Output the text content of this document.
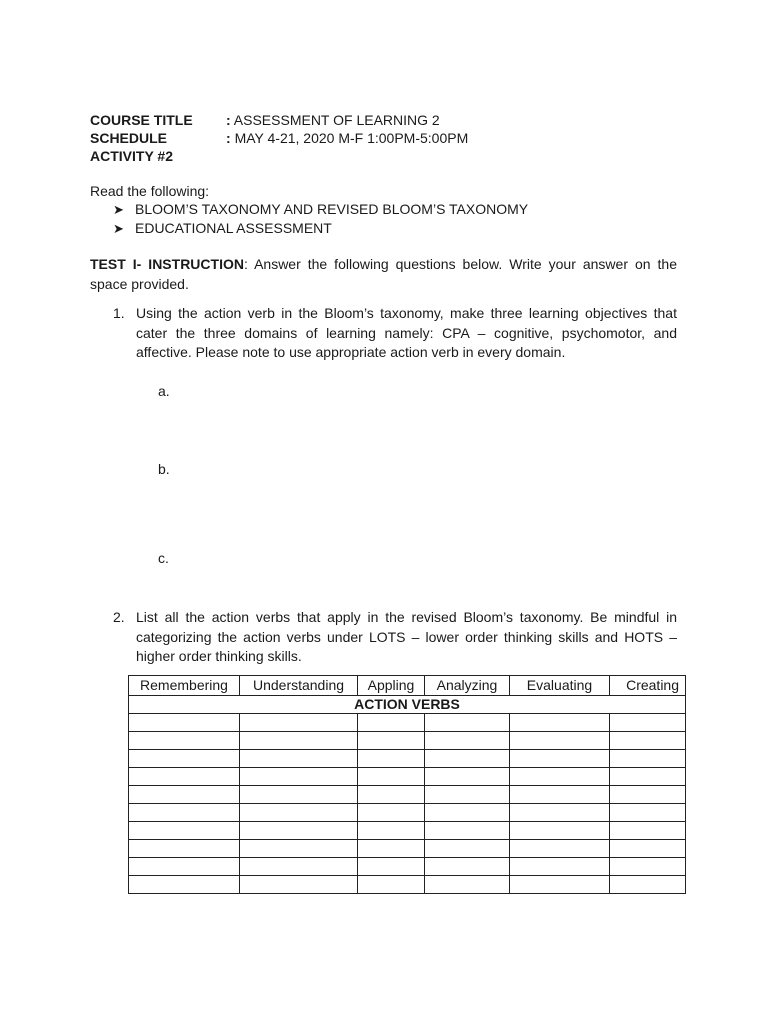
COURSE TITLE : ASSESSMENT OF LEARNING 2
SCHEDULE	: MAY 4-21, 2020 M-F 1:00PM-5:00PM
ACTIVITY #2
Read the following:
➤ BLOOM’S TAXONOMY AND REVISED BLOOM’S TAXONOMY
➤ EDUCATIONAL ASSESSMENT
TEST I- INSTRUCTION: Answer the following questions below. Write your answer on the space provided.
1. Using the action verb in the Bloom’s taxonomy, make three learning objectives that cater the three domains of learning namely: CPA – cognitive, psychomotor, and affective. Please note to use appropriate action verb in every domain.
a.
b.
c.
2. List all the action verbs that apply in the revised Bloom’s taxonomy. Be mindful in categorizing the action verbs under LOTS – lower order thinking skills and HOTS – higher order thinking skills.
Remembering	Understanding	Appling	Analyzing	Evaluating	Creating
ACTION VERBS					
